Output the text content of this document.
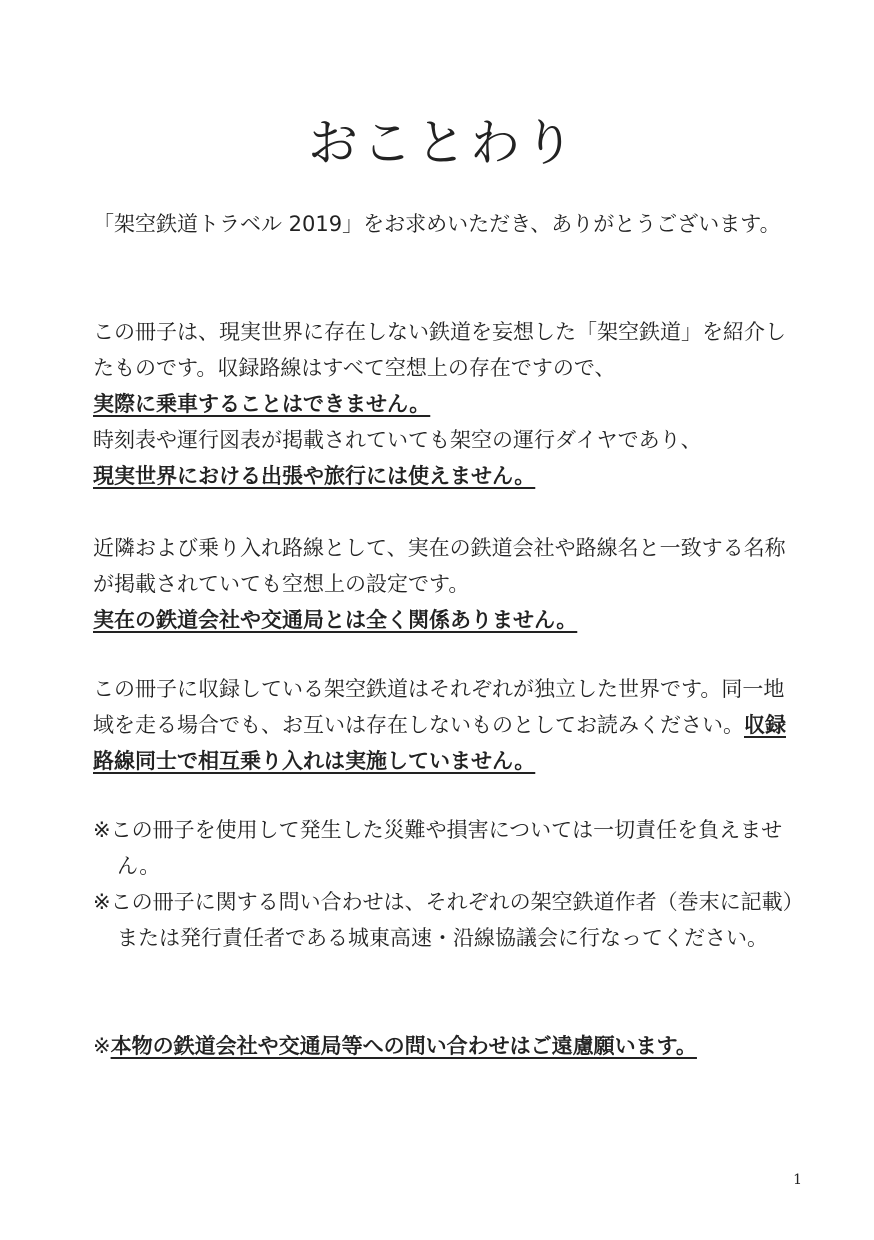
おことわり
「架空鉄道トラベル 2019」をお求めいただき、ありがとうございます。
この冊子は、現実世界に存在しない鉄道を妄想した「架空鉄道」を紹介したものです。収録路線はすべて空想上の存在ですので、
実際に乗車することはできません。
時刻表や運行図表が掲載されていても架空の運行ダイヤであり、
現実世界における出張や旅行には使えません。
近隣および乗り入れ路線として、実在の鉄道会社や路線名と一致する名称が掲載されていても空想上の設定です。
実在の鉄道会社や交通局とは全く関係ありません。
この冊子に収録している架空鉄道はそれぞれが独立した世界です。同一地域を走る場合でも、お互いは存在しないものとしてお読みください。収録路線同士で相互乗り入れは実施していません。
※この冊子を使用して発生した災難や損害については一切責任を負えません。
※この冊子に関する問い合わせは、それぞれの架空鉄道作者（巻末に記載）または発行責任者である城東高速・沿線協議会に行なってください。
※本物の鉄道会社や交通局等への問い合わせはご遠慮願います。
1
